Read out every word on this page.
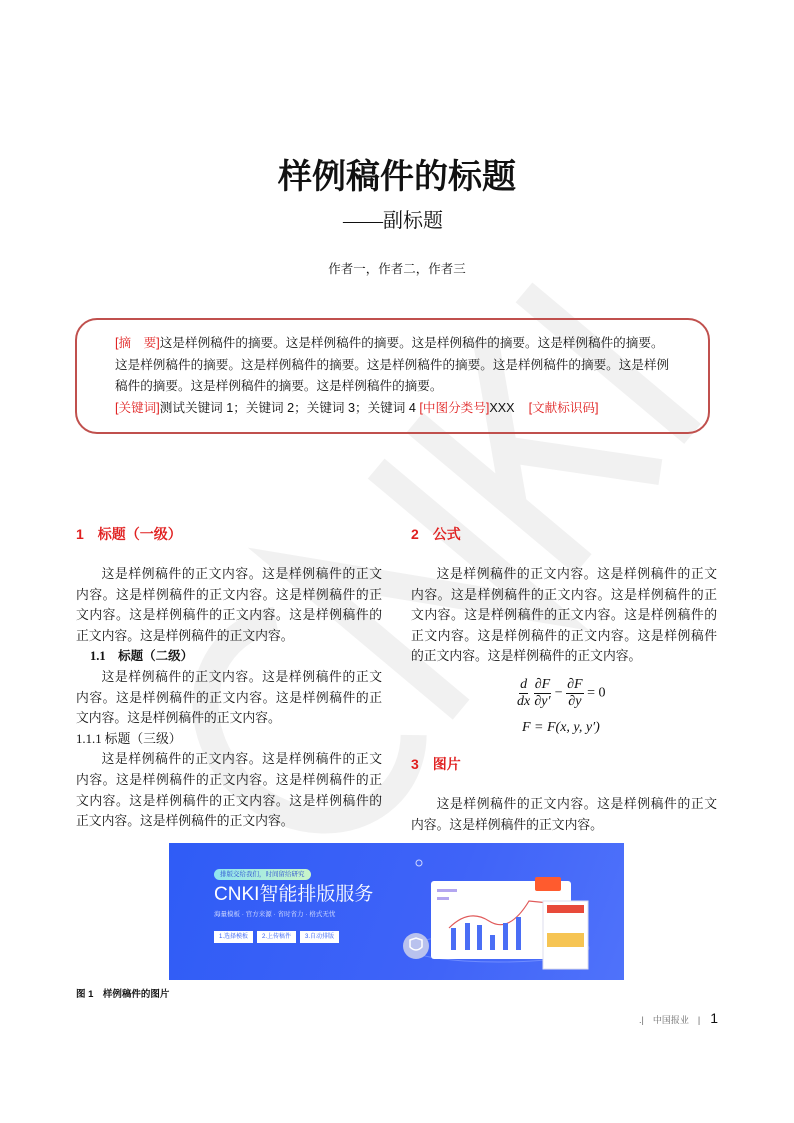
样例稿件的标题
——副标题
作者一，作者二，作者三
[摘　要]这是样例稿件的摘要。这是样例稿件的摘要。这是样例稿件的摘要。这是样例稿件的摘要。这是样例稿件的摘要。这是样例稿件的摘要。这是样例稿件的摘要。这是样例稿件的摘要。这是样例稿件的摘要。这是样例稿件的摘要。这是样例稿件的摘要。
[关键词]测试关键词 1；关键词 2；关键词 3；关键词 4 [中图分类号]XXX [文献标识码]
1　标题（一级）

这是样例稿件的正文内容。这是样例稿件的正文内容。这是样例稿件的正文内容。这是样例稿件的正文内容。这是样例稿件的正文内容。这是样例稿件的正文内容。这是样例稿件的正文内容。

1.1　标题（二级）

这是样例稿件的正文内容。这是样例稿件的正文内容。这是样例稿件的正文内容。这是样例稿件的正文内容。这是样例稿件的正文内容。

1.1.1 标题（三级）

这是样例稿件的正文内容。这是样例稿件的正文内容。这是样例稿件的正文内容。这是样例稿件的正文内容。这是样例稿件的正文内容。这是样例稿件的正文内容。这是样例稿件的正文内容。

2　公式

这是样例稿件的正文内容。这是样例稿件的正文内容。这是样例稿件的正文内容。这是样例稿件的正文内容。这是样例稿件的正文内容。这是样例稿件的正文内容。这是样例稿件的正文内容。这是样例稿件的正文内容。这是样例稿件的正文内容。

$\frac{d}{dx}$
$\frac{\partial F}{\partial y'} - \frac{\partial F}{\partial y} = 0$
F = F(x, y, y′)
3　图片

这是样例稿件的正文内容。这是样例稿件的正文内容。这是样例稿件的正文内容。

排版交给我们，时间留给研究
CNKI智能排版服务
海量模板 · 官方来源 · 省时省力 · 格式无忧
1.选择模板	2.上传稿件	3.自动排版
图 1　样例稿件的图片
.|　中国报业　| 1
